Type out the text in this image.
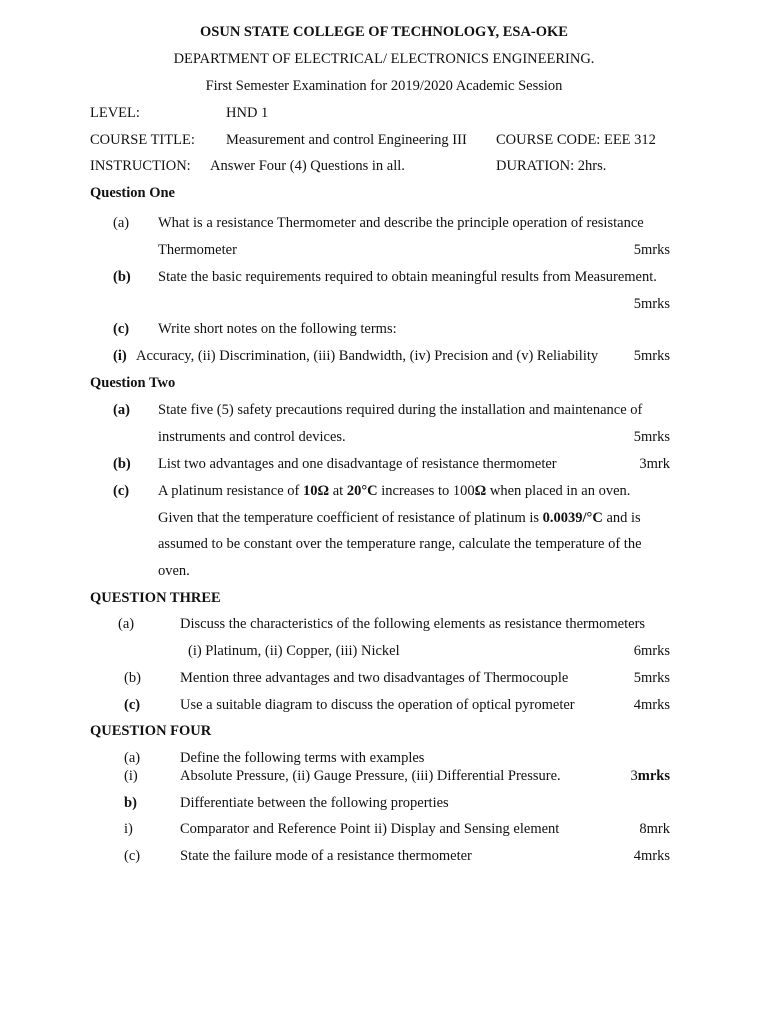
OSUN STATE COLLEGE OF TECHNOLOGY, ESA-OKE
DEPARTMENT OF ELECTRICAL/ ELECTRONICS ENGINEERING.
First Semester Examination for 2019/2020 Academic Session
LEVEL:	HND 1
COURSE TITLE: Measurement and control Engineering III COURSE CODE: EEE 312
INSTRUCTION: Answer Four (4) Questions in all.	DURATION: 2hrs.
Question One
(a) What is a resistance Thermometer and describe the principle operation of resistance
Thermometer	5mrks
(b) State the basic requirements required to obtain meaningful results from Measurement.
5mrks
(c) Write short notes on the following terms:
(i) Accuracy, (ii) Discrimination, (iii) Bandwidth, (iv) Precision and (v) Reliability 5mrks
Question Two
(a) State five (5) safety precautions required during the installation and maintenance of
instruments and control devices.	5mrks
(b) List two advantages and one disadvantage of resistance thermometer	3mrk
(c) A platinum resistance of 10Ω at 20°C increases to 100Ω when placed in an oven.
Given that the temperature coefficient of resistance of platinum is 0.0039/°C and is
assumed to be constant over the temperature range, calculate the temperature of the
oven.
QUESTION THREE
(a)	Discuss the characteristics of the following elements as resistance thermometers
(i) Platinum, (ii) Copper, (iii) Nickel	6mrks
(b)	Mention three advantages and two disadvantages of Thermocouple	5mrks
(c)	Use a suitable diagram to discuss the operation of optical pyrometer	4mrks
QUESTION FOUR
(a)	Define the following terms with examples
(i)	Absolute Pressure, (ii) Gauge Pressure, (iii) Differential Pressure.	3mrks
b)	Differentiate between the following properties
i)	Comparator and Reference Point ii) Display and Sensing element	8mrk
(c)	State the failure mode of a resistance thermometer	4mrks
